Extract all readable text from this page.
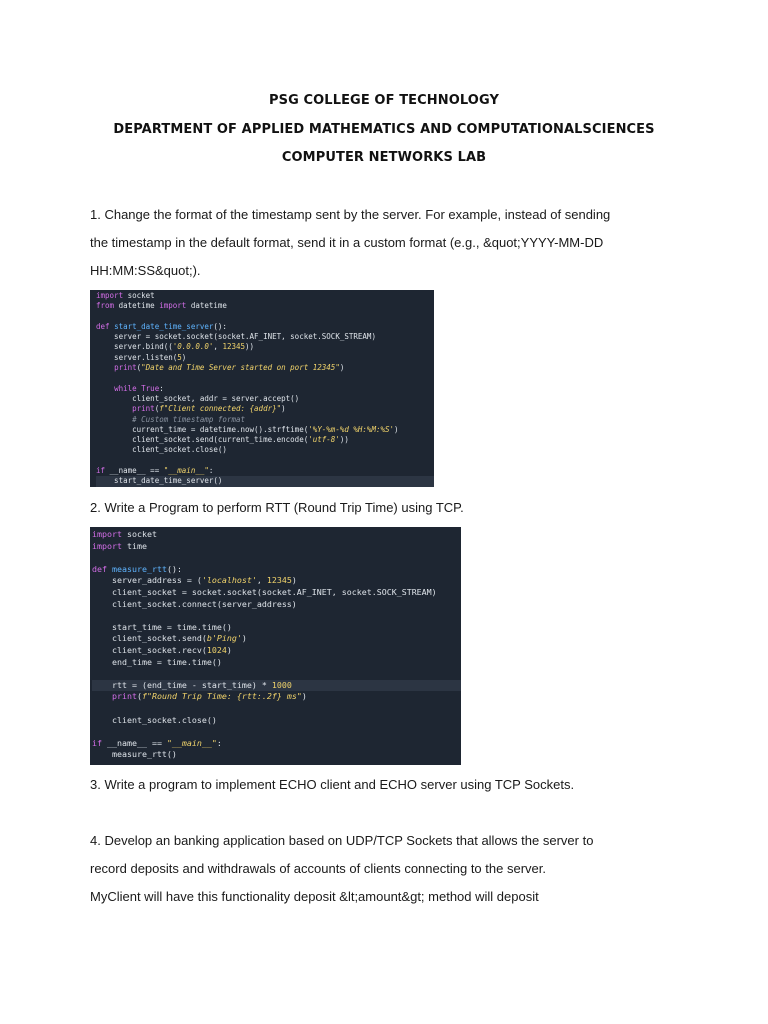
PSG COLLEGE OF TECHNOLOGY
DEPARTMENT OF APPLIED MATHEMATICS AND COMPUTATIONALSCIENCES
COMPUTER NETWORKS LAB
1. Change the format of the timestamp sent by the server. For example, instead of sending
the timestamp in the default format, send it in a custom format (e.g., &quot;YYYY-MM-DD
HH:MM:SS&quot;).
import socket
from datetime import datetime

def start_date_time_server():
server = socket.socket(socket.AF_INET, socket.SOCK_STREAM)
server.bind(('0.0.0.0', 12345))
server.listen(5)
print("Date and Time Server started on port 12345")

while True:
client_socket, addr = server.accept()
print(f"Client connected: {addr}")
# Custom timestamp format
current_time = datetime.now().strftime('%Y-%m-%d %H:%M:%S')
client_socket.send(current_time.encode('utf-8'))
client_socket.close()

if __name__ == "__main__":
start_date_time_server()
2. Write a Program to perform RTT (Round Trip Time) using TCP.
import socket
import time

def measure_rtt():
server_address = ('localhost', 12345)
client_socket = socket.socket(socket.AF_INET, socket.SOCK_STREAM)
client_socket.connect(server_address)

start_time = time.time()
client_socket.send(b'Ping')
client_socket.recv(1024)
end_time = time.time()

rtt = (end_time - start_time) * 1000
print(f"Round Trip Time: {rtt:.2f} ms")

client_socket.close()

if __name__ == "__main__":
measure_rtt()
3. Write a program to implement ECHO client and ECHO server using TCP Sockets.
4. Develop an banking application based on UDP/TCP Sockets that allows the server to
record deposits and withdrawals of accounts of clients connecting to the server.
MyClient will have this functionality deposit &lt;amount&gt; method will deposit
